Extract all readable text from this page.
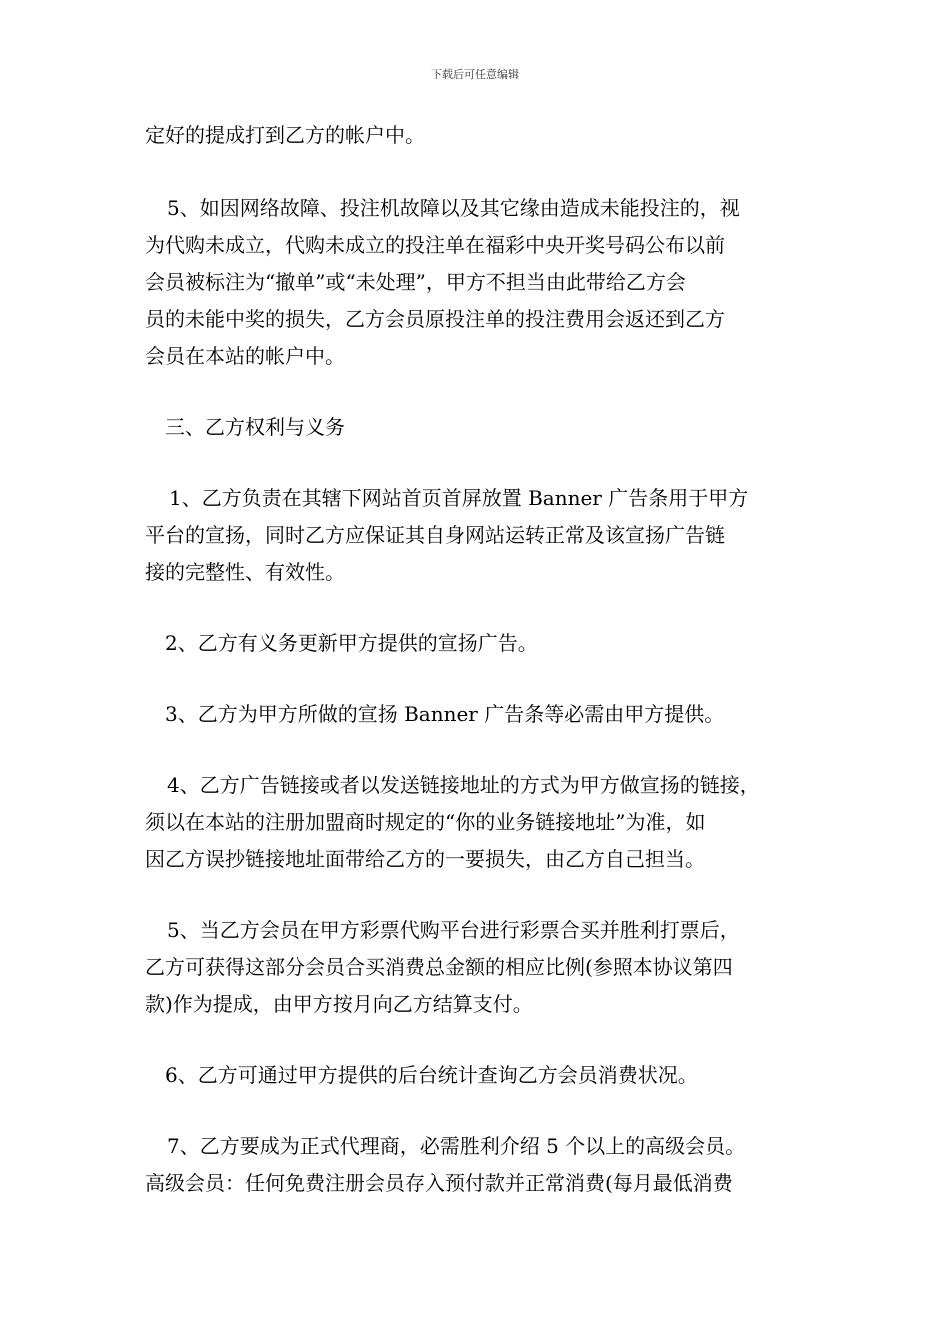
下载后可任意编辑
定好的提成打到乙方的帐户中。
5、如因网络故障、投注机故障以及其它缘由造成未能投注的，视
为代购未成立，代购未成立的投注单在福彩中央开奖号码公布以前
会员被标注为“撤单”或“未处理”，甲方不担当由此带给乙方会
员的未能中奖的损失，乙方会员原投注单的投注费用会返还到乙方
会员在本站的帐户中。
三、乙方权利与义务
1、乙方负责在其辖下网站首页首屏放置 Banner 广告条用于甲方
平台的宣扬，同时乙方应保证其自身网站运转正常及该宣扬广告链
接的完整性、有效性。
2、乙方有义务更新甲方提供的宣扬广告。
3、乙方为甲方所做的宣扬 Banner 广告条等必需由甲方提供。
4、乙方广告链接或者以发送链接地址的方式为甲方做宣扬的链接，
须以在本站的注册加盟商时规定的“你的业务链接地址”为准，如
因乙方误抄链接地址面带给乙方的一要损失，由乙方自己担当。
5、当乙方会员在甲方彩票代购平台进行彩票合买并胜利打票后，
乙方可获得这部分会员合买消费总金额的相应比例(参照本协议第四
款)作为提成，由甲方按月向乙方结算支付。
6、乙方可通过甲方提供的后台统计查询乙方会员消费状况。
7、乙方要成为正式代理商，必需胜利介绍 5 个以上的高级会员。
高级会员：任何免费注册会员存入预付款并正常消费(每月最低消费
